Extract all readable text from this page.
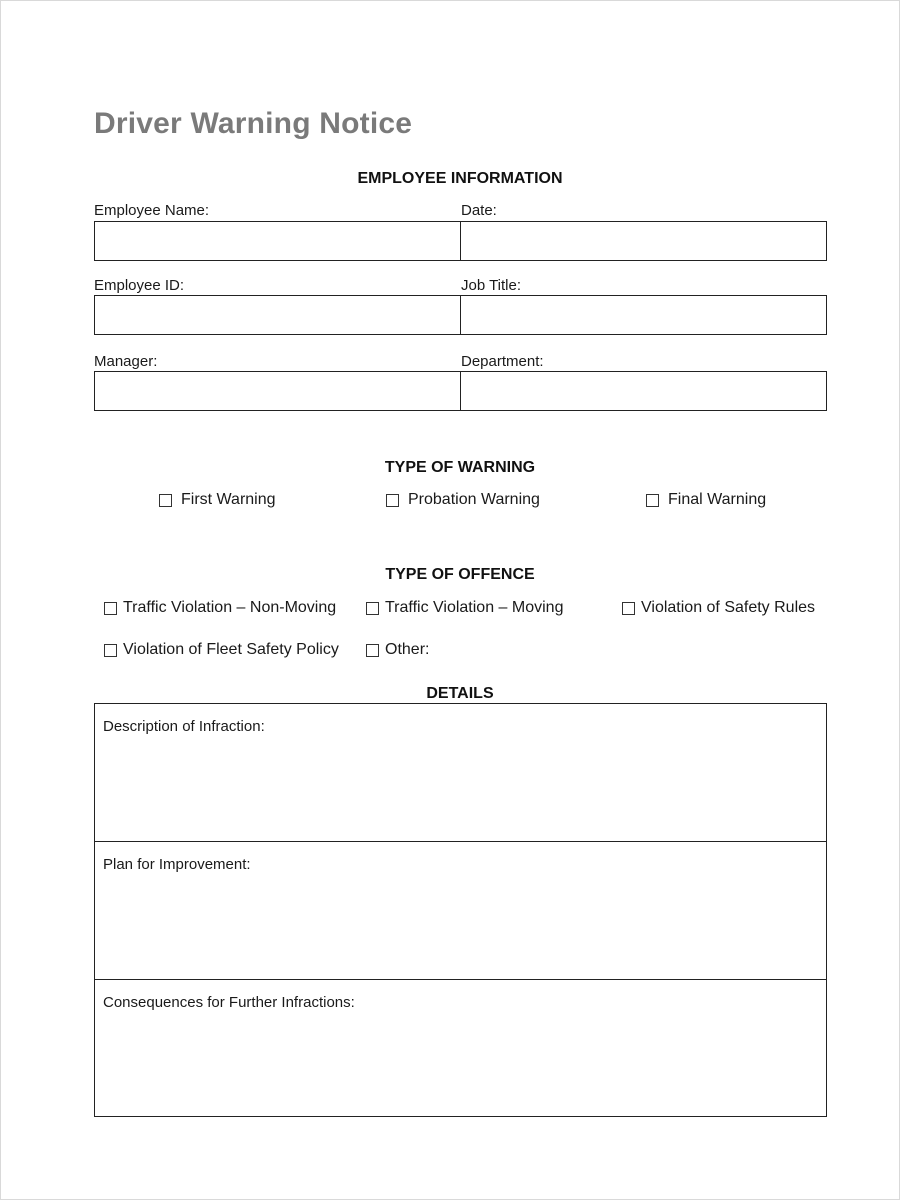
Driver Warning Notice
EMPLOYEE INFORMATION
Employee Name:	Date:
Employee ID:	Job Title:
Manager:	Department:
TYPE OF WARNING
First Warning	Probation Warning	Final Warning
TYPE OF OFFENCE
Traffic Violation – Non-Moving	Traffic Violation – Moving	Violation of Safety Rules
Violation of Fleet Safety Policy	Other:
DETAILS
Description of Infraction:
Plan for Improvement:
Consequences for Further Infractions:
